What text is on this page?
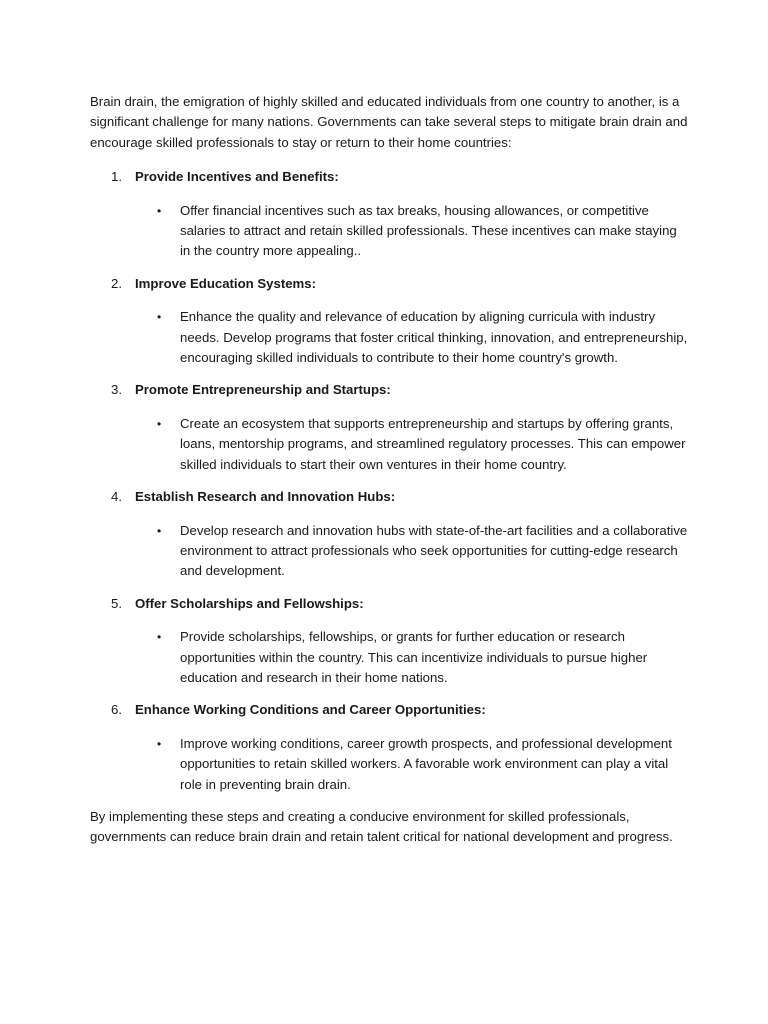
Brain drain, the emigration of highly skilled and educated individuals from one country to another, is a significant challenge for many nations. Governments can take several steps to mitigate brain drain and encourage skilled professionals to stay or return to their home countries:

1. Provide Incentives and Benefits:
• Offer financial incentives such as tax breaks, housing allowances, or competitive salaries to attract and retain skilled professionals. These incentives can make staying in the country more appealing..
2. Improve Education Systems:
• Enhance the quality and relevance of education by aligning curricula with industry needs. Develop programs that foster critical thinking, innovation, and entrepreneurship, encouraging skilled individuals to contribute to their home country's growth.
3. Promote Entrepreneurship and Startups:
• Create an ecosystem that supports entrepreneurship and startups by offering grants, loans, mentorship programs, and streamlined regulatory processes. This can empower skilled individuals to start their own ventures in their home country.
4. Establish Research and Innovation Hubs:
• Develop research and innovation hubs with state-of-the-art facilities and a collaborative environment to attract professionals who seek opportunities for cutting-edge research and development.
5. Offer Scholarships and Fellowships:
• Provide scholarships, fellowships, or grants for further education or research opportunities within the country. This can incentivize individuals to pursue higher education and research in their home nations.
6. Enhance Working Conditions and Career Opportunities:
• Improve working conditions, career growth prospects, and professional development opportunities to retain skilled workers. A favorable work environment can play a vital role in preventing brain drain.

By implementing these steps and creating a conducive environment for skilled professionals, governments can reduce brain drain and retain talent critical for national development and progress.
